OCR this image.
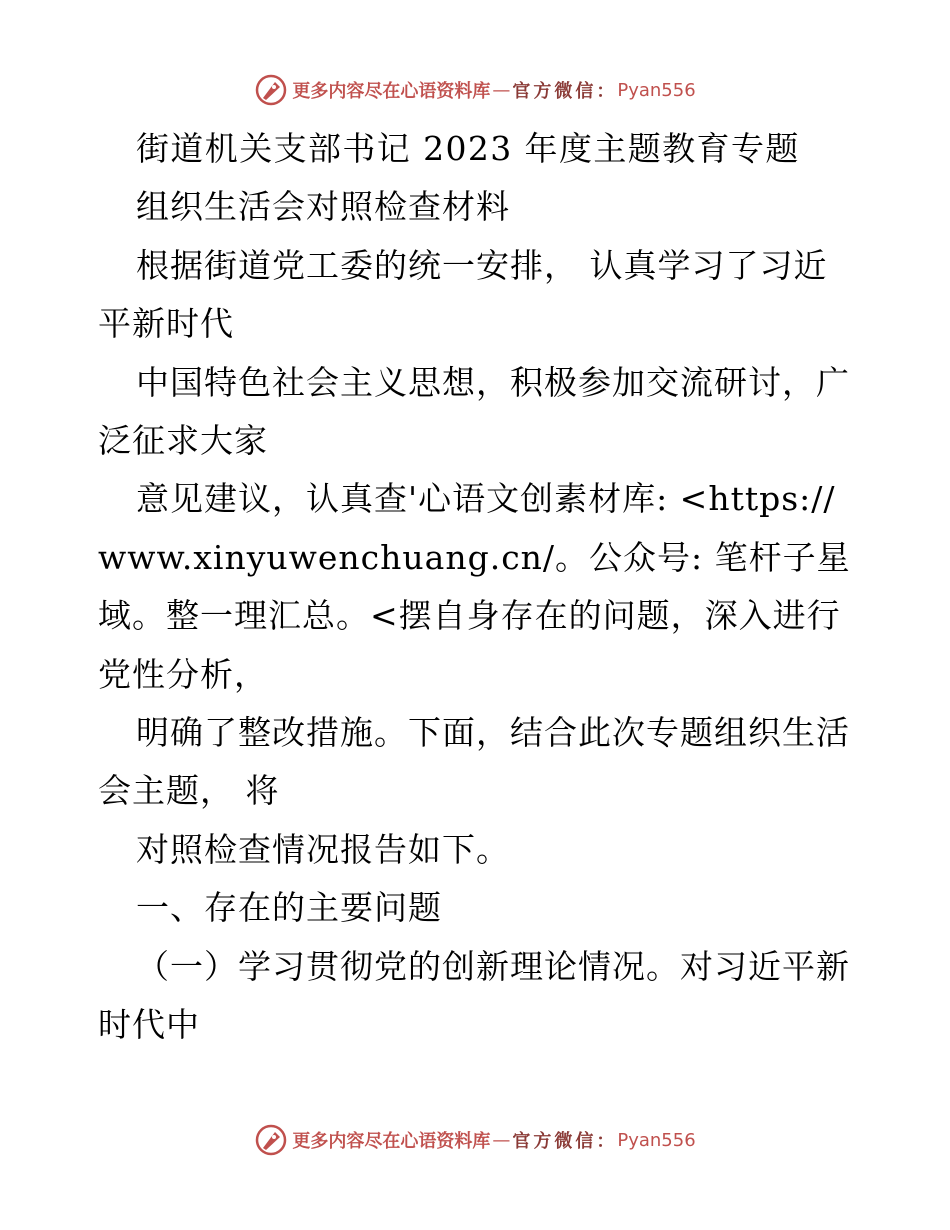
更多内容尽在心语资料库 — 官方微信： Pyan556

街道机关支部书记 2023 年度主题教育专题

组织生活会对照检查材料

根据街道党工委的统一安排， 认真学习了习近平新时代

中国特色社会主义思想，积极参加交流研讨，广泛征求大家

意见建议，认真查'心语文创素材库: <https://www.xinyuwenchuang.cn/。公众号: 笔杆子星域。整一理汇总。<摆自身存在的问题，深入进行党性分析，

明确了整改措施。下面，结合此次专题组织生活会主题， 将

对照检查情况报告如下。

一、存在的主要问题

（一）学习贯彻党的创新理论情况。对习近平新时代中

更多内容尽在心语资料库 — 官方微信： Pyan556
